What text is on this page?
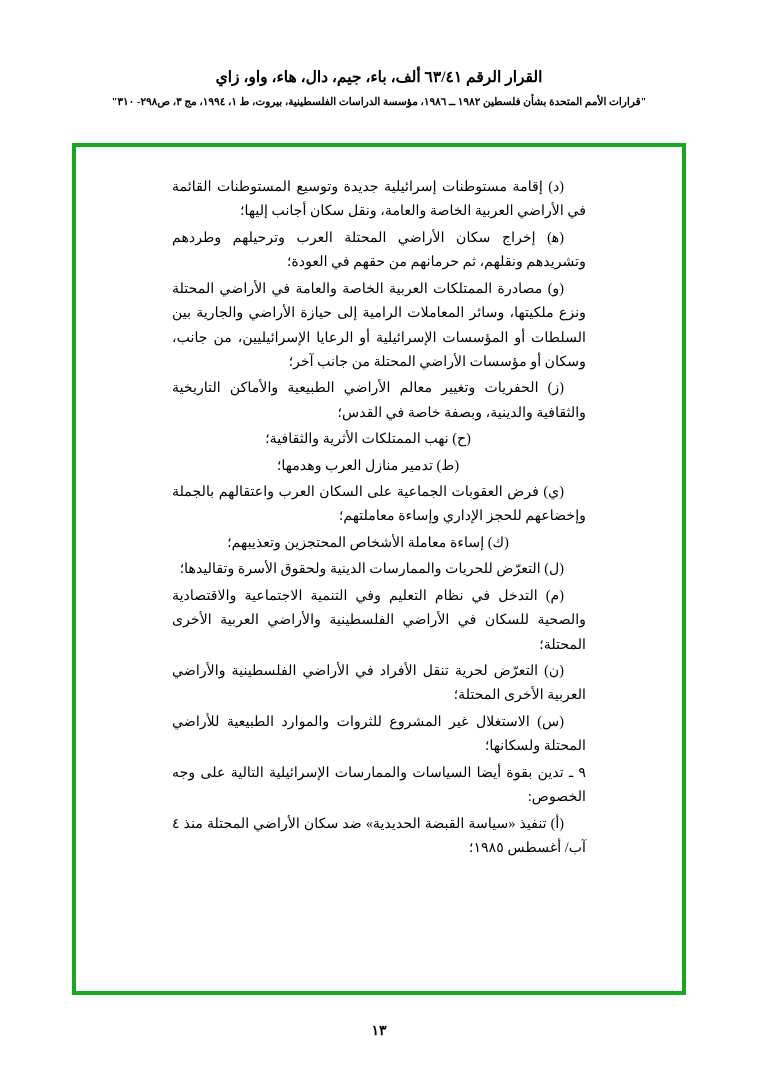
القرار الرقم ٦٣/٤١ ألف، باء، جيم، دال، هاء، واو، زاي
"قرارات الأمم المتحدة بشأن فلسطين ١٩٨٢ ــ ١٩٨٦، مؤسسة الدراسات الفلسطينية، بيروت، ط ١، ١٩٩٤، مج ٣، ص٢٩٨- ٣١٠"

(د) إقامة مستوطنات إسرائيلية جديدة وتوسيع المستوطنات القائمة في الأراضي العربية الخاصة والعامة، ونقل سكان أجانب إليها؛

(ه‍) إخراج سكان الأراضي المحتلة العرب وترحيلهم وطردهم وتشريدهم ونقلهم، ثم حرمانهم من حقهم في العودة؛

(و) مصادرة الممتلكات العربية الخاصة والعامة في الأراضي المحتلة ونزع ملكيتها، وسائر المعاملات الرامية إلى حيازة الأراضي والجارية بين السلطات أو المؤسسات الإسرائيلية أو الرعايا الإسرائيليين، من جانب، وسكان أو مؤسسات الأراضي المحتلة من جانب آخر؛

(ز) الحفريات وتغيير معالم الأراضي الطبيعية والأماكن التاريخية والثقافية والدينية، وبصفة خاصة في القدس؛

(ح) نهب الممتلكات الأثرية والثقافية؛

(ط) تدمير منازل العرب وهدمها؛

(ي) فرض العقوبات الجماعية على السكان العرب واعتقالهم بالجملة وإخضاعهم للحجز الإداري وإساءة معاملتهم؛

(ك) إساءة معاملة الأشخاص المحتجزين وتعذيبهم؛

(ل) التعرّض للحريات والممارسات الدينية ولحقوق الأسرة وتقاليدها؛

(م) التدخل في نظام التعليم وفي التنمية الاجتماعية والاقتصادية والصحية للسكان في الأراضي الفلسطينية والأراضي العربية الأخرى المحتلة؛

(ن) التعرّض لحرية تنقل الأفراد في الأراضي الفلسطينية والأراضي العربية الأخرى المحتلة؛

(س) الاستغلال غير المشروع للثروات والموارد الطبيعية للأراضي المحتلة ولسكانها؛

٩ ـ تدين بقوة أيضا السياسات والممارسات الإسرائيلية التالية على وجه الخصوص:

(أ) تنفيذ «سياسة القبضة الحديدية» ضد سكان الأراضي المحتلة منذ ٤ آب/ أغسطس ١٩٨٥؛

١٣
